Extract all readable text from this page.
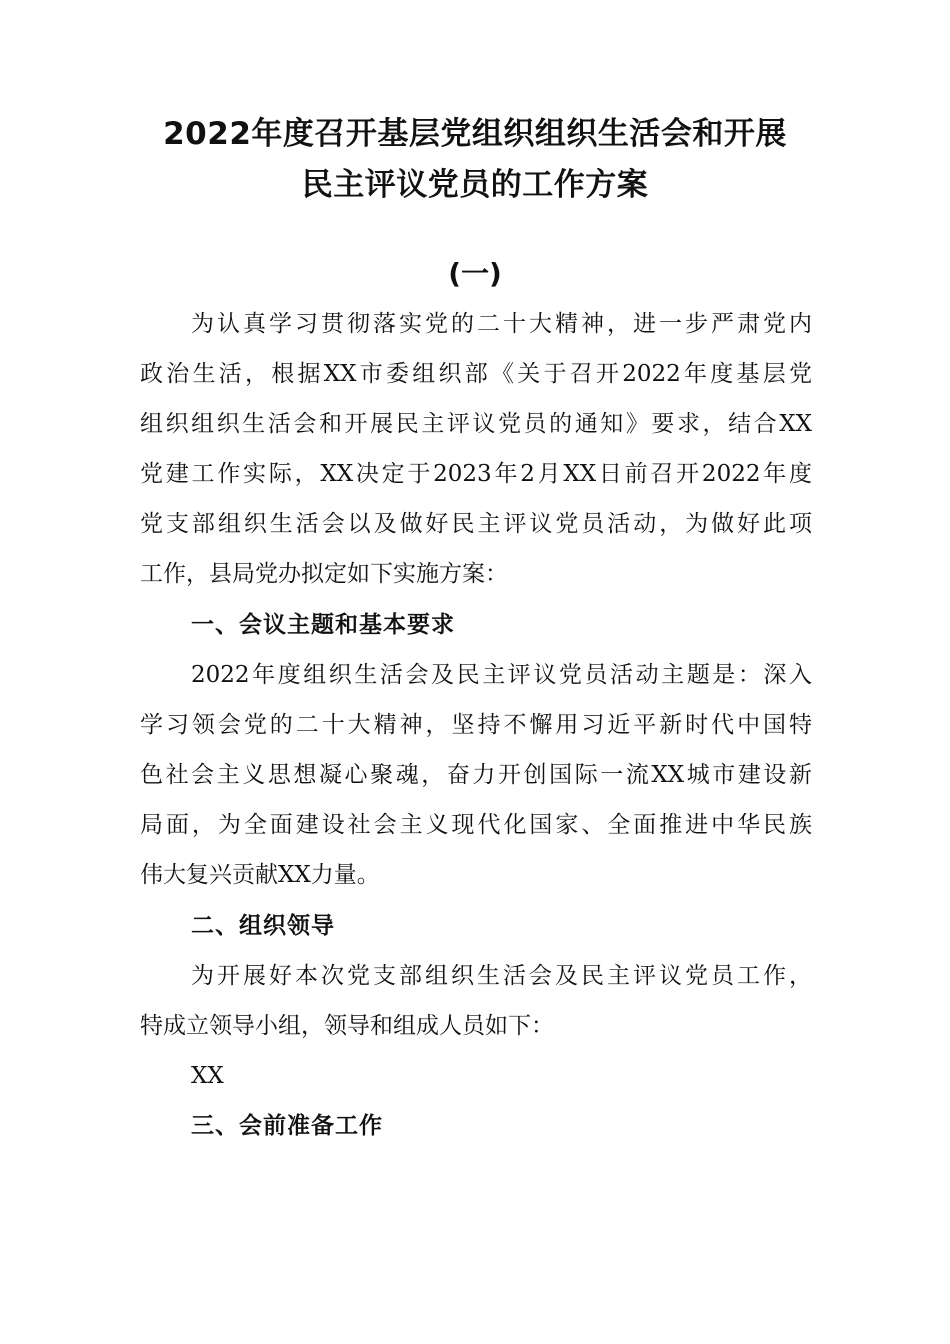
2022年度召开基层党组织组织生活会和开展
民主评议党员的工作方案
(一)
为认真学习贯彻落实党的二十大精神，进一步严肃党内
政治生活，根据XX市委组织部《关于召开2022年度基层党
组织组织生活会和开展民主评议党员的通知》要求，结合XX
党建工作实际，XX决定于2023年2月XX日前召开2022年度
党支部组织生活会以及做好民主评议党员活动，为做好此项
工作，县局党办拟定如下实施方案：
一、会议主题和基本要求
2022年度组织生活会及民主评议党员活动主题是：深入
学习领会党的二十大精神，坚持不懈用习近平新时代中国特
色社会主义思想凝心聚魂，奋力开创国际一流XX城市建设新
局面，为全面建设社会主义现代化国家、全面推进中华民族
伟大复兴贡献XX力量。
二、组织领导
为开展好本次党支部组织生活会及民主评议党员工作，
特成立领导小组，领导和组成人员如下：
XX
三、会前准备工作
